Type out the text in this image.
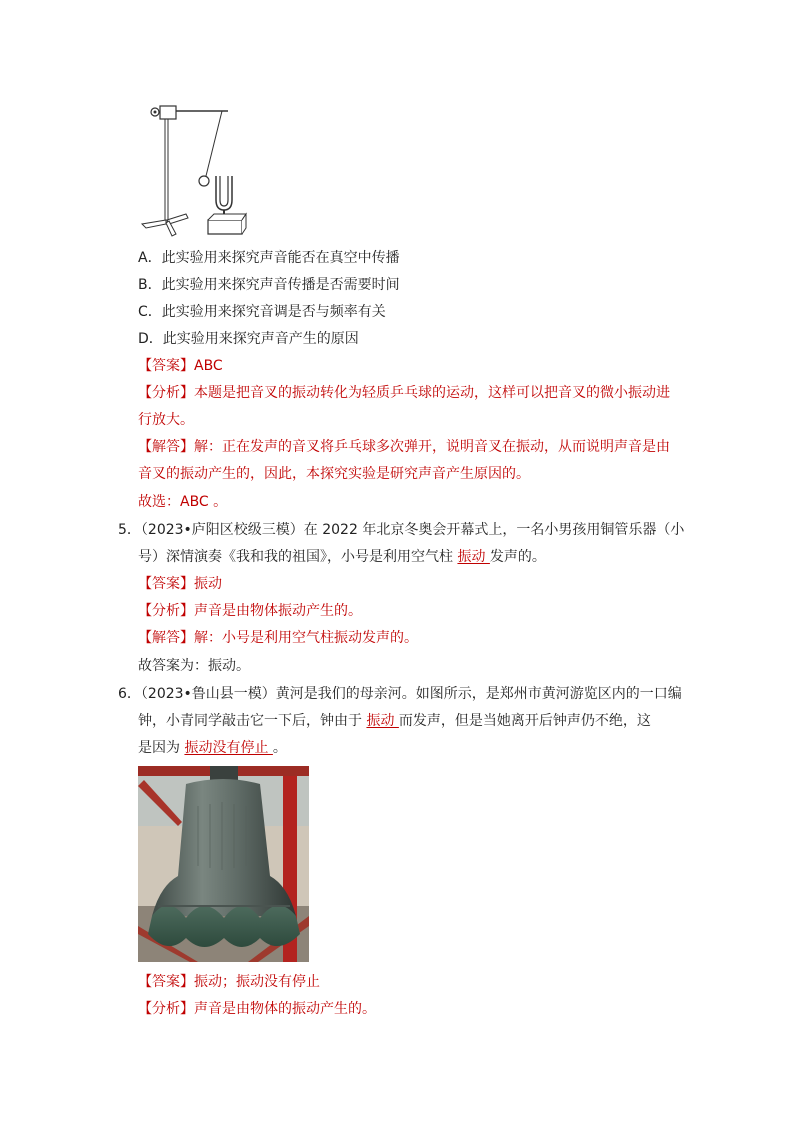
A．此实验用来探究声音能否在真空中传播
B．此实验用来探究声音传播是否需要时间
C．此实验用来探究音调是否与频率有关
D．此实验用来探究声音产生的原因
【答案】ABC
【分析】本题是把音叉的振动转化为轻质乒乓球的运动，这样可以把音叉的微小振动进
行放大。
【解答】解：正在发声的音叉将乒乓球多次弹开，说明音叉在振动，从而说明声音是由
音叉的振动产生的，因此，本探究实验是研究声音产生原因的。
故选：ABC 。
5．（2023•庐阳区校级三模）在 2022 年北京冬奥会开幕式上，一名小男孩用铜管乐器（小
号）深情演奏《我和我的祖国》，小号是利用空气柱 振动 发声的。
【答案】振动
【分析】声音是由物体振动产生的。
【解答】解：小号是利用空气柱振动发声的。
故答案为：振动。
6．（2023•鲁山县一模）黄河是我们的母亲河。如图所示，是郑州市黄河游览区内的一口编
钟，小青同学敲击它一下后，钟由于 振动 而发声，但是当她离开后钟声仍不绝，这
是因为 振动没有停止 。
【答案】振动；振动没有停止
【分析】声音是由物体的振动产生的。
